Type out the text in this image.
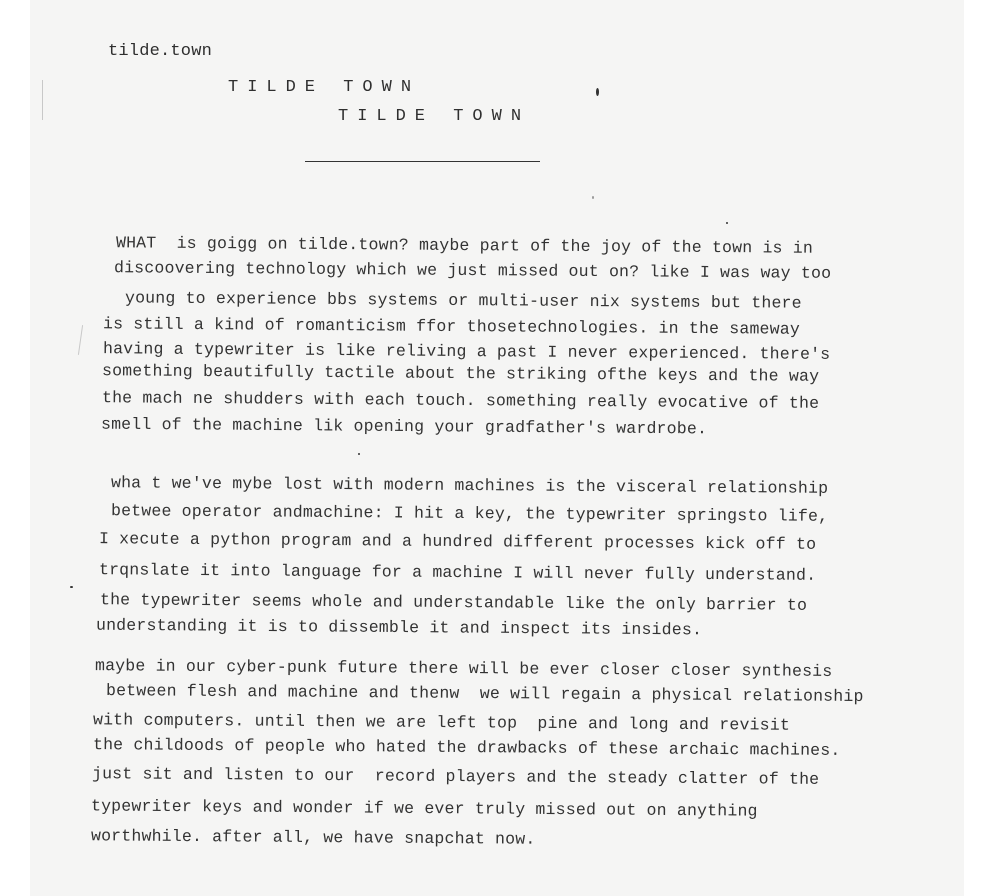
tilde.town
TILDE TOWN
TILDE TOWN
WHAT  is goigg on tilde.town? maybe part of the joy of the town is in
discoovering technology which we just missed out on? like I was way too
young to experience bbs systems or multi-user nix systems but there
is still a kind of romanticism ffor thosetechnologies. in the sameway
having a typewriter is like reliving a past I never experienced. there's
something beautifully tactile about the striking ofthe keys and the way
the mach ne shudders with each touch. something really evocative of the
smell of the machine lik opening your gradfather's wardrobe.
wha t we've mybe lost with modern machines is the visceral relationship
betwee operator andmachine: I hit a key, the typewriter springsto life,
I xecute a python program and a hundred different processes kick off to
trqnslate it into language for a machine I will never fully understand.
the typewriter seems whole and understandable like the only barrier to
understanding it is to dissemble it and inspect its insides.
maybe in our cyber-punk future there will be ever closer closer synthesis
between flesh and machine and thenw  we will regain a physical relationship
with computers. until then we are left top  pine and long and revisit
the childoods of people who hated the drawbacks of these archaic machines.
just sit and listen to our  record players and the steady clatter of the
typewriter keys and wonder if we ever truly missed out on anything
worthwhile. after all, we have snapchat now.
